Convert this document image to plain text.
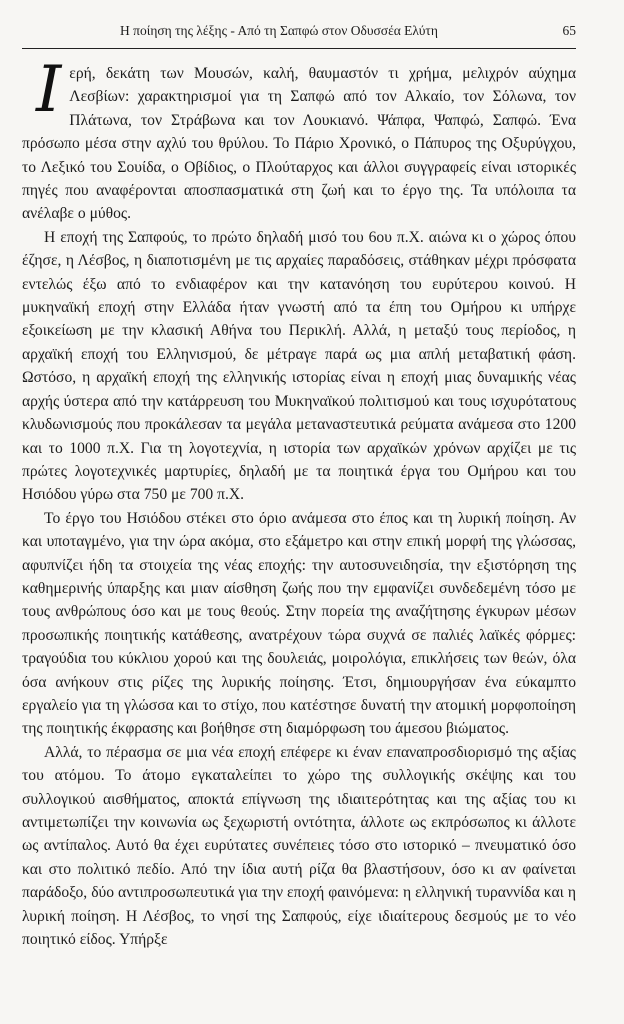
Η ποίηση της λέξης - Από τη Σαπφώ στον Οδυσσέα Ελύτη	65

Ιερή, δεκάτη των Μουσών, καλή, θαυμαστόν τι χρήμα, μελιχρόν αύχημα Λεσβίων: χαρακτηρισμοί για τη Σαπφώ από τον Αλκαίο, τον Σόλωνα, τον Πλάτωνα, τον Στράβωνα και τον Λουκιανό. Ψάπφα, Ψαπφώ, Σαπφώ. Ένα πρόσωπο μέσα στην αχλύ του θρύλου. Το Πάριο Χρονικό, ο Πάπυρος της Οξυρύγχου, το Λεξικό του Σουίδα, ο Οβίδιος, ο Πλούταρχος και άλλοι συγγραφείς είναι ιστορικές πηγές που αναφέρονται αποσπασματικά στη ζωή και το έργο της. Τα υπόλοιπα τα ανέλαβε ο μύθος.

Η εποχή της Σαπφούς, το πρώτο δηλαδή μισό του 6ου π.Χ. αιώνα κι ο χώρος όπου έζησε, η Λέσβος, η διαποτισμένη με τις αρχαίες παραδόσεις, στάθηκαν μέχρι πρόσφατα εντελώς έξω από το ενδιαφέρον και την κατανόηση του ευρύτερου κοινού. Η μυκηναϊκή εποχή στην Ελλάδα ήταν γνωστή από τα έπη του Ομήρου κι υπήρχε εξοικείωση με την κλασική Αθήνα του Περικλή. Αλλά, η μεταξύ τους περίοδος, η αρχαϊκή εποχή του Ελληνισμού, δε μέτραγε παρά ως μια απλή μεταβατική φάση. Ωστόσο, η αρχαϊκή εποχή της ελληνικής ιστορίας είναι η εποχή μιας δυναμικής νέας αρχής ύστερα από την κατάρρευση του Μυκηναϊκού πολιτισμού και τους ισχυρότατους κλυδωνισμούς που προκάλεσαν τα μεγάλα μεταναστευτικά ρεύματα ανάμεσα στο 1200 και το 1000 π.Χ. Για τη λογοτεχνία, η ιστορία των αρχαϊκών χρόνων αρχίζει με τις πρώτες λογοτεχνικές μαρτυρίες, δηλαδή με τα ποιητικά έργα του Ομήρου και του Ησιόδου γύρω στα 750 με 700 π.Χ.

Το έργο του Ησιόδου στέκει στο όριο ανάμεσα στο έπος και τη λυρική ποίηση. Αν και υποταγμένο, για την ώρα ακόμα, στο εξάμετρο και στην επική μορφή της γλώσσας, αφυπνίζει ήδη τα στοιχεία της νέας εποχής: την αυτοσυνειδησία, την εξιστόρηση της καθημερινής ύπαρξης και μιαν αίσθηση ζωής που την εμφανίζει συνδεδεμένη τόσο με τους ανθρώπους όσο και με τους θεούς. Στην πορεία της αναζήτησης έγκυρων μέσων προσωπικής ποιητικής κατάθεσης, ανατρέχουν τώρα συχνά σε παλιές λαϊκές φόρμες: τραγούδια του κύκλιου χορού και της δουλειάς, μοιρολόγια, επικλήσεις των θεών, όλα όσα ανήκουν στις ρίζες της λυρικής ποίησης. Έτσι, δημιουργήσαν ένα εύκαμπτο εργαλείο για τη γλώσσα και το στίχο, που κατέστησε δυνατή την ατομική μορφοποίηση της ποιητικής έκφρασης και βοήθησε στη διαμόρφωση του άμεσου βιώματος.

Αλλά, το πέρασμα σε μια νέα εποχή επέφερε κι έναν επαναπροσδιορισμό της αξίας του ατόμου. Το άτομο εγκαταλείπει το χώρο της συλλογικής σκέψης και του συλλογικού αισθήματος, αποκτά επίγνωση της ιδιαιτερότητας και της αξίας του κι αντιμετωπίζει την κοινωνία ως ξεχωριστή οντότητα, άλλοτε ως εκπρόσωπος κι άλλοτε ως αντίπαλος. Αυτό θα έχει ευρύτατες συνέπειες τόσο στο ιστορικό – πνευματικό όσο και στο πολιτικό πεδίο. Από την ίδια αυτή ρίζα θα βλαστήσουν, όσο κι αν φαίνεται παράδοξο, δύο αντιπροσωπευτικά για την εποχή φαινόμενα: η ελληνική τυραννίδα και η λυρική ποίηση. Η Λέσβος, το νησί της Σαπφούς, είχε ιδιαίτερους δεσμούς με το νέο ποιητικό είδος. Υπήρξε
